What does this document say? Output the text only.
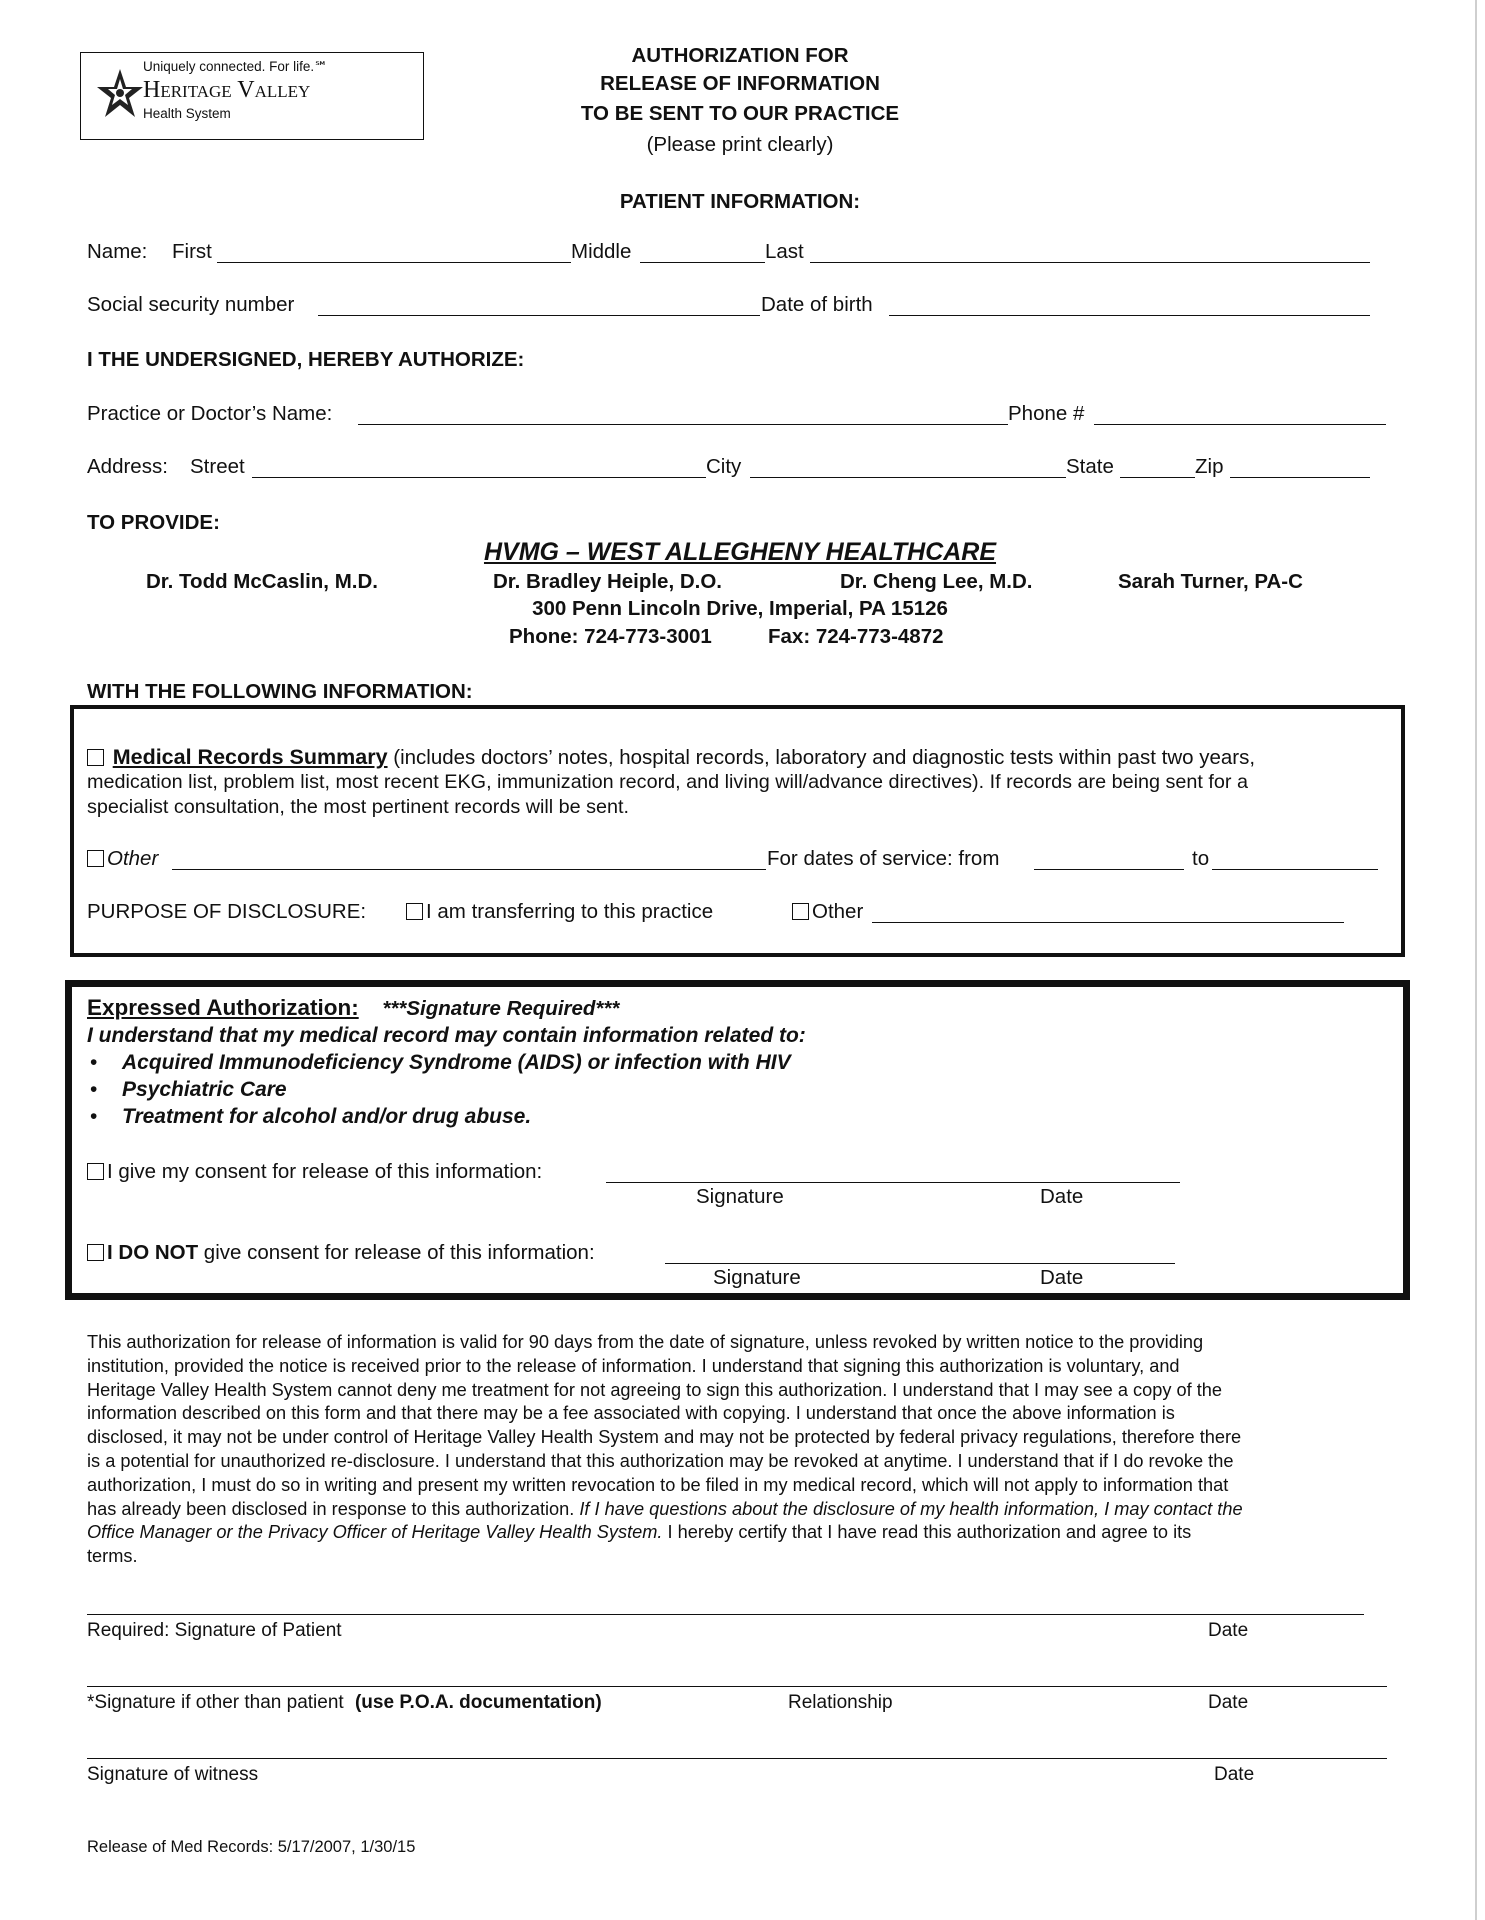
Uniquely connected. For life.℠
Heritage Valley
Health System
AUTHORIZATION FOR
RELEASE OF INFORMATION
TO BE SENT TO OUR PRACTICE
(Please print clearly)
PATIENT INFORMATION:
Name: First	Middle	Last
Social security number	Date of birth
I THE UNDERSIGNED, HEREBY AUTHORIZE:
Practice or Doctor’s Name:	Phone #
Address: Street	City	State	Zip
TO PROVIDE:
HVMG – WEST ALLEGHENY HEALTHCARE
Dr. Todd McCaslin, M.D.	Dr. Bradley Heiple, D.O.	Dr. Cheng Lee, M.D.	Sarah Turner, PA-C
300 Penn Lincoln Drive, Imperial, PA 15126
Phone: 724-773-3001	Fax: 724-773-4872
WITH THE FOLLOWING INFORMATION:
Medical Records Summary (includes doctors’ notes, hospital records, laboratory and diagnostic tests within past two years,
medication list, problem list, most recent EKG, immunization record, and living will/advance directives). If records are being sent for a
specialist consultation, the most pertinent records will be sent.
Other	For dates of service: from	to
PURPOSE OF DISCLOSURE:	I am transferring to this practice	Other
Expressed Authorization: ***Signature Required***
I understand that my medical record may contain information related to:
• Acquired Immunodeficiency Syndrome (AIDS) or infection with HIV
• Psychiatric Care
• Treatment for alcohol and/or drug abuse.
I give my consent for release of this information:
Signature	Date
I DO NOT give consent for release of this information:
Signature	Date
This authorization for release of information is valid for 90 days from the date of signature, unless revoked by written notice to the providing
institution, provided the notice is received prior to the release of information. I understand that signing this authorization is voluntary, and
Heritage Valley Health System cannot deny me treatment for not agreeing to sign this authorization. I understand that I may see a copy of the
information described on this form and that there may be a fee associated with copying. I understand that once the above information is
disclosed, it may not be under control of Heritage Valley Health System and may not be protected by federal privacy regulations, therefore there
is a potential for unauthorized re-disclosure. I understand that this authorization may be revoked at anytime. I understand that if I do revoke the
authorization, I must do so in writing and present my written revocation to be filed in my medical record, which will not apply to information that
has already been disclosed in response to this authorization. If I have questions about the disclosure of my health information, I may contact the
Office Manager or the Privacy Officer of Heritage Valley Health System. I hereby certify that I have read this authorization and agree to its
terms.
Required: Signature of Patient	Date
*Signature if other than patient (use P.O.A. documentation)	Relationship	Date
Signature of witness	Date
Release of Med Records: 5/17/2007, 1/30/15
